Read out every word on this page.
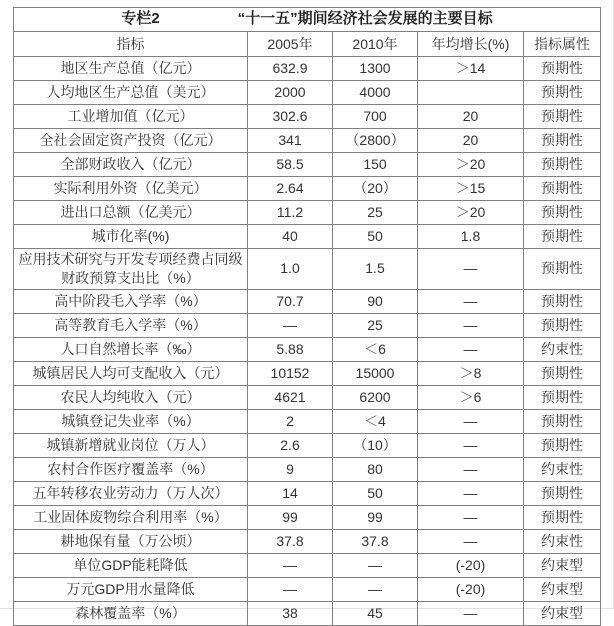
专栏2 “十一五”期间经济社会发展的主要目标				

指标	2005年	2010年	年均增长(%)	指标属性
地区生产总值（亿元）	632.9	1300	＞14	预期性
人均地区生产总值（美元）	2000	4000		预期性
工业增加值（亿元）	302.6	700	20	预期性
全社会固定资产投资（亿元）	341	（2800）	20	预期性
全部财政收入（亿元）	58.5	150	＞20	预期性
实际利用外资（亿美元）	2.64	（20）	＞15	预期性
进出口总额（亿美元）	11.2	25	＞20	预期性
城市化率(%)	40	50	1.8	预期性
应用技术研究与开发专项经费占同级财政预算支出比（%）	1.0	1.5	—	预期性
高中阶段毛入学率（%）	70.7	90	—	预期性
高等教育毛入学率（%）	—	25	—	预期性
人口自然增长率（‰）	5.88	＜6	—	约束性
城镇居民人均可支配收入（元）	10152	15000	＞8	预期性
农民人均纯收入（元）	4621	6200	＞6	预期性
城镇登记失业率（%）	2	＜4	—	预期性
城镇新增就业岗位（万人）	2.6	（10）	—	预期性
农村合作医疗覆盖率（%）	9	80	—	约束性
五年转移农业劳动力（万人次）	14	50	—	预期性
工业固体废物综合利用率（%）	99	99	—	预期性
耕地保有量（万公顷）	37.8	37.8	—	约束性
单位GDP能耗降低	—	—	(-20)	约束型
万元GDP用水量降低	—	—	(-20)	约束型
森林覆盖率（%）	38	45	—	约束型
